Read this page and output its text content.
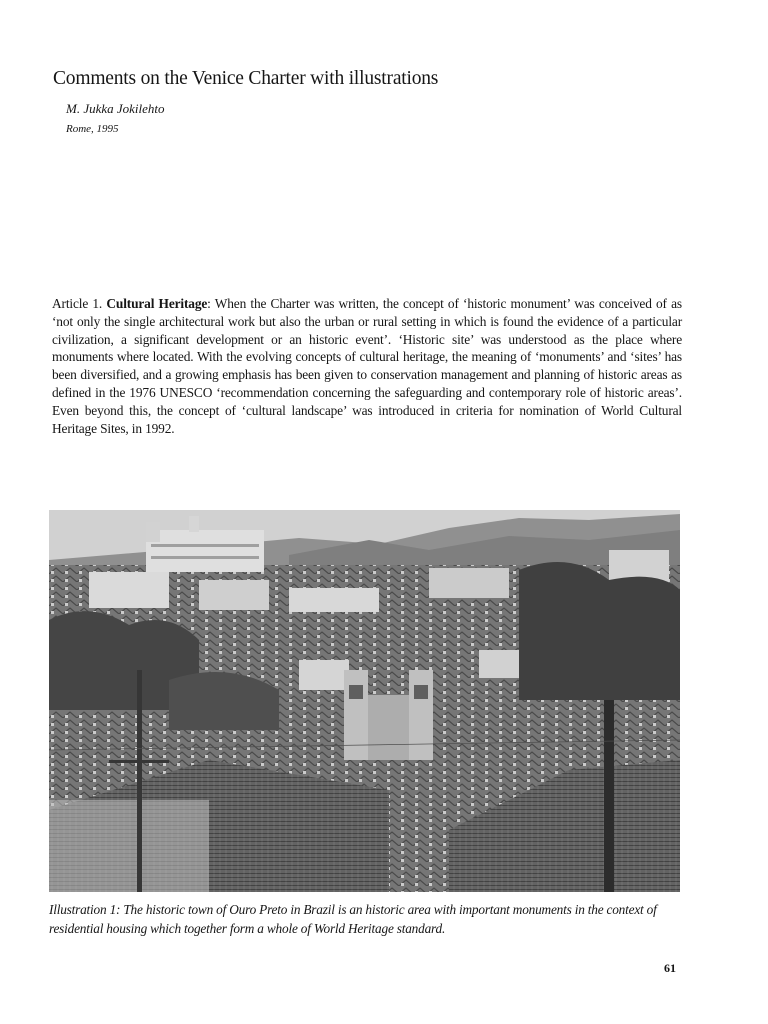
Comments on the Venice Charter with illustrations
M. Jukka Jokilehto
Rome, 1995

Article 1. Cultural Heritage: When the Charter was written, the concept of ‘historic monument’ was conceived of as ‘not only the single architectural work but also the urban or rural setting in which is found the evidence of a particular civilization, a significant development or an historic event’. ‘Historic site’ was understood as the place where monuments where located. With the evolving concepts of cultural heritage, the meaning of ‘monuments’ and ‘sites’ has been diversified, and a growing emphasis has been given to conservation management and planning of historic areas as defined in the 1976 UNESCO ‘recommendation concerning the safeguarding and contemporary role of historic areas’. Even beyond this, the concept of ‘cultural landscape’ was introduced in criteria for nomination of World Cultural Heritage Sites, in 1992.

Illustration 1: The historic town of Ouro Preto in Brazil is an historic area with important monuments in the context of residential housing which together form a whole of World Heritage standard.
61
